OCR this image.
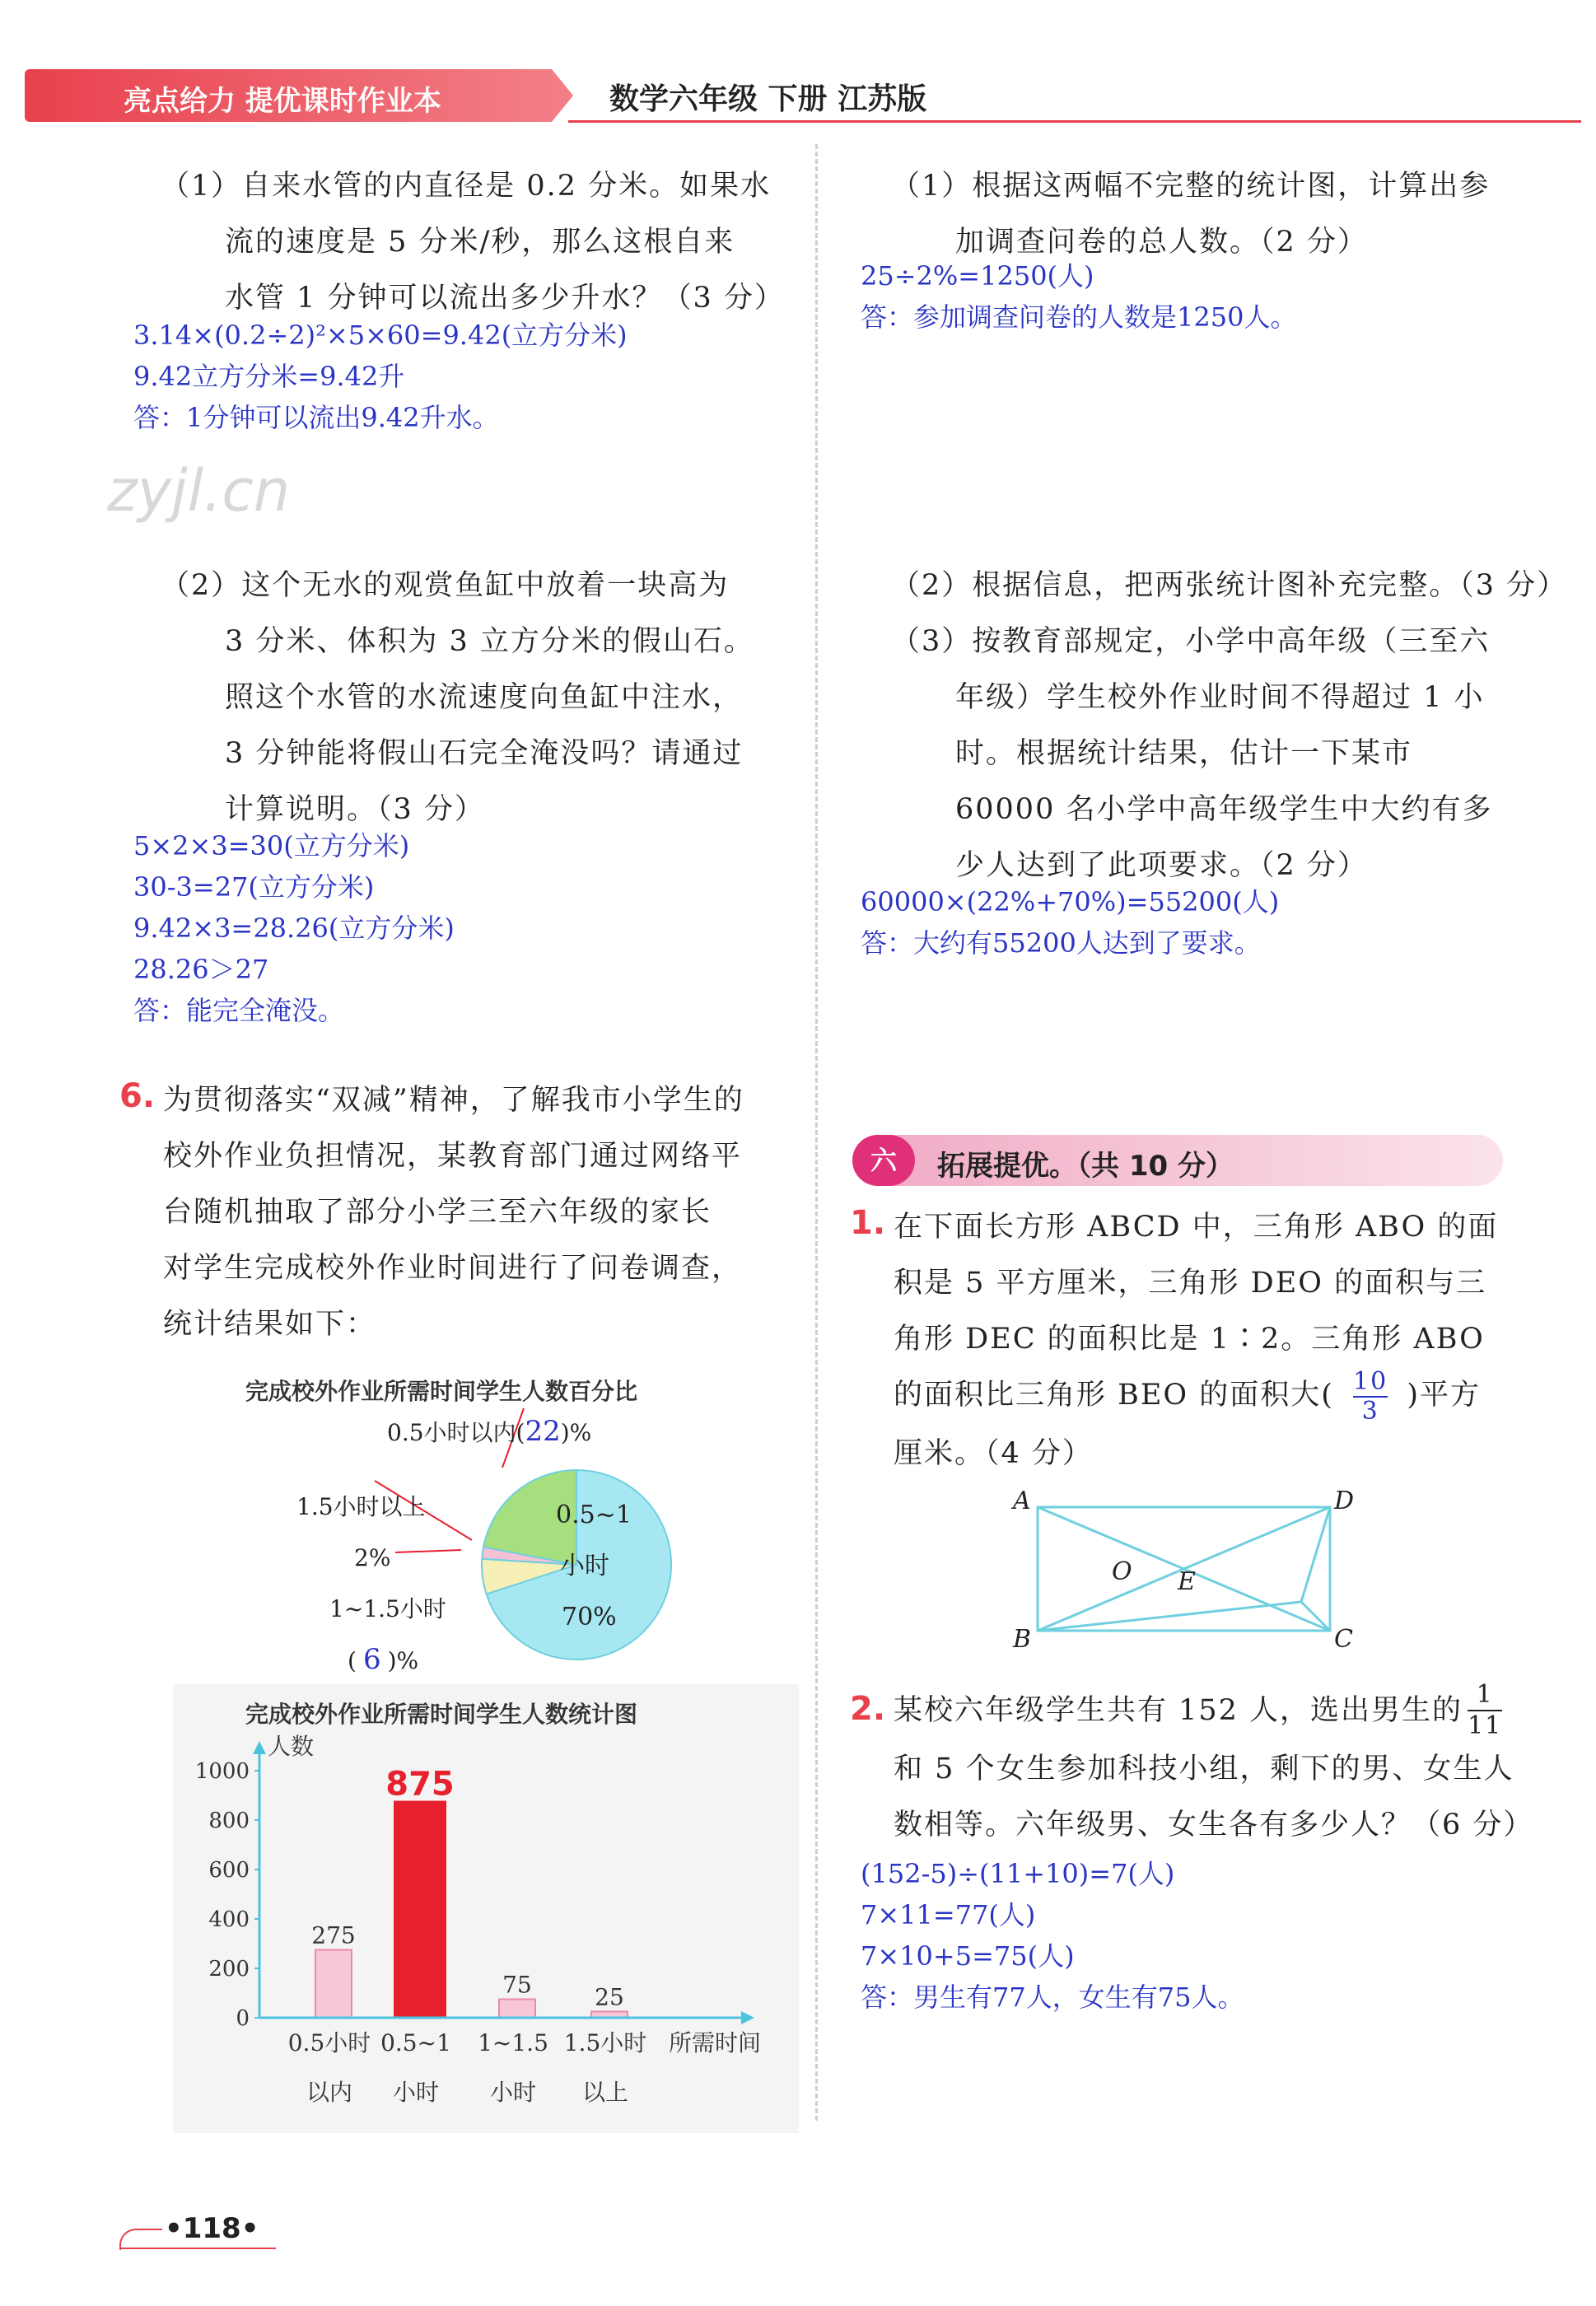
亮点给力 提优课时作业本	数学六年级 下册 江苏版
zyjl.cn
（1）自来水管的内直径是 0.2 分米。如果水
流的速度是 5 分米/秒，那么这根自来
水管 1 分钟可以流出多少升水？（3 分）
3.14×(0.2÷2)²×5×60=9.42(立方分米)
9.42立方分米=9.42升
答：1分钟可以流出9.42升水。
（2）这个无水的观赏鱼缸中放着一块高为
3 分米、体积为 3 立方分米的假山石。
照这个水管的水流速度向鱼缸中注水，
3 分钟能将假山石完全淹没吗？请通过
计算说明。（3 分）
5×2×3=30(立方分米)
30-3=27(立方分米)
9.42×3=28.26(立方分米)
28.26＞27
答：能完全淹没。
6. 为贯彻落实“双减”精神，了解我市小学生的
校外作业负担情况，某教育部门通过网络平
台随机抽取了部分小学三至六年级的家长
对学生完成校外作业时间进行了问卷调查，
统计结果如下：
完成校外作业所需时间学生人数百分比
0.5小时以内(22)%
1.5小时以上
2%
1~1.5小时
( 6 )%
0.5~1
小时
70%
完成校外作业所需时间学生人数统计图
0
200
400
600
800
1000
275
0.5小时
以内
875
0.5~1
小时
75
1~1.5
小时
25
1.5小时
以上
人数
所需时间
（1）根据这两幅不完整的统计图，计算出参
加调查问卷的总人数。（2 分）
25÷2%=1250(人)
答：参加调查问卷的人数是1250人。
（2）根据信息，把两张统计图补充完整。（3 分）
（3）按教育部规定，小学中高年级（三至六
年级）学生校外作业时间不得超过 1 小
时。根据统计结果，估计一下某市
60000 名小学中高年级学生中大约有多
少人达到了此项要求。（2 分）
60000×(22%+70%)=55200(人)
答：大约有55200人达到了要求。
六	拓展提优。（共 10 分）
1. 在下面长方形 ABCD 中，三角形 ABO 的面
积是 5 平方厘米，三角形 DEO 的面积与三
角形 DEC 的面积比是 1∶2。三角形 ABO
的面积比三角形 BEO 的面积大( $\frac{10}{3}$ )平方
厘米。（4 分）
A
B	C
D
O E
2. 某校六年级学生共有 152 人，选出男生的 1
11
和 5 个女生参加科技小组，剩下的男、女生人
数相等。六年级男、女生各有多少人？（6 分）
(152-5)÷(11+10)=7(人)
7×11=77(人)
7×10+5=75(人)
答：男生有77人，女生有75人。
•118•
